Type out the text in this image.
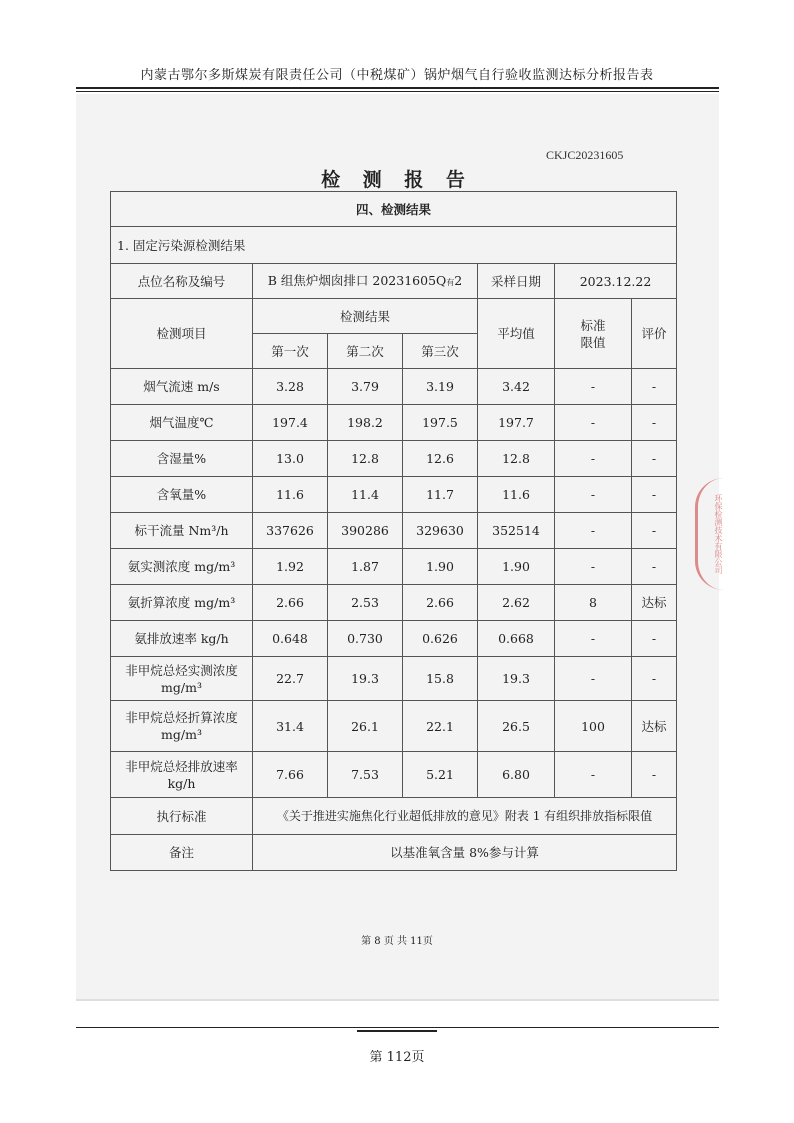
内蒙古鄂尔多斯煤炭有限责任公司（中税煤矿）锅炉烟气自行验收监测达标分析报告表
CKJC20231605
检 测 报 告
环保检测技术有限公司
四、检测结果						
1. 固定污染源检测结果						
点位名称及编号	B 组焦炉烟囱排口 20231605Q有2			采样日期	2023.12.22	
检测项目	检测结果			平均值	标准限值	评价
	第一次	第二次	第三次			
烟气流速 m/s	3.28	3.79	3.19	3.42	-	-
烟气温度℃	197.4	198.2	197.5	197.7	-	-
含湿量%	13.0	12.8	12.6	12.8	-	-
含氧量%	11.6	11.4	11.7	11.6	-	-
标干流量 Nm³/h	337626	390286	329630	352514	-	-
氨实测浓度 mg/m³	1.92	1.87	1.90	1.90	-	-
氨折算浓度 mg/m³	2.66	2.53	2.66	2.62	8	达标
氨排放速率 kg/h	0.648	0.730	0.626	0.668	-	-

非甲烷总烃实测浓度 mg/m³	22.7	19.3	15.8	19.3	-	-

非甲烷总烃折算浓度 mg/m³	31.4	26.1	22.1	26.5	100	达标

非甲烷总烃排放速率 kg/h	7.66	7.53	5.21	6.80	-	-
执行标准	《关于推进实施焦化行业超低排放的意见》附表 1 有组织排放指标限值					
备注	以基准氧含量 8%参与计算					
第 8 页 共 11页
第 112页
